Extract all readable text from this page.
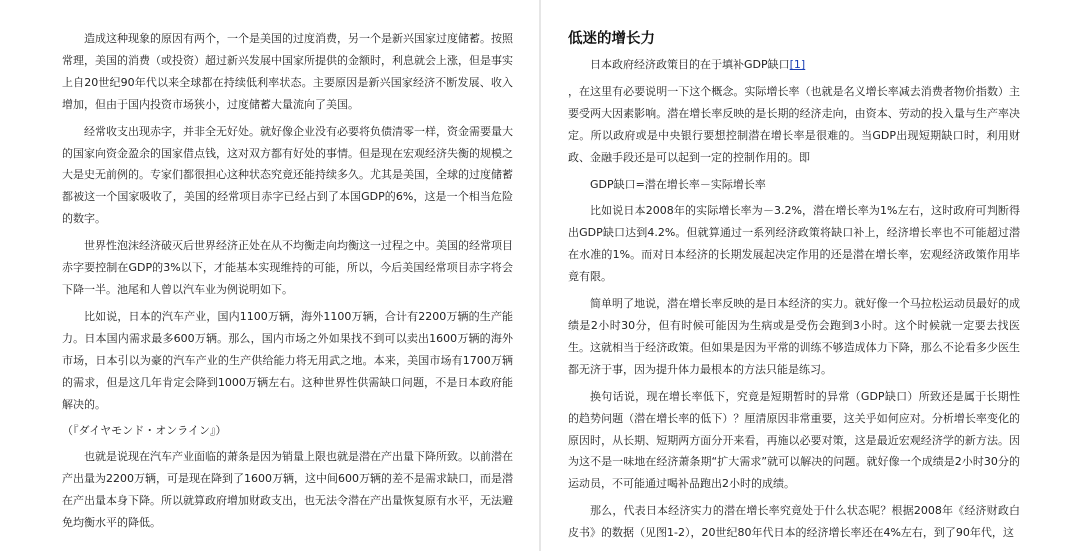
造成这种现象的原因有两个，一个是美国的过度消费，另一个是新兴国家过度储蓄。按照常理，美国的消费（或投资）超过新兴发展中国家所提供的金额时，利息就会上涨，但是事实上自20世纪90年代以来全球都在持续低利率状态。主要原因是新兴国家经济不断发展、收入增加，但由于国内投资市场狭小，过度储蓄大量流向了美国。

经常收支出现赤字，并非全无好处。就好像企业没有必要将负债清零一样，资金需要量大的国家向资金盈余的国家借点钱，这对双方都有好处的事情。但是现在宏观经济失衡的规模之大是史无前例的。专家们都很担心这种状态究竟还能持续多久。尤其是美国，全球的过度储蓄都被这一个国家吸收了，美国的经常项目赤字已经占到了本国GDP的6%，这是一个相当危险的数字。

世界性泡沫经济破灭后世界经济正处在从不均衡走向均衡这一过程之中。美国的经常项目赤字要控制在GDP的3%以下，才能基本实现维持的可能，所以，今后美国经常项目赤字将会下降一半。池尾和人曾以汽车业为例说明如下。

比如说，日本的汽车产业，国内1100万辆，海外1100万辆，合计有2200万辆的生产能力。日本国内需求最多600万辆。那么，国内市场之外如果找不到可以卖出1600万辆的海外市场，日本引以为豪的汽车产业的生产供给能力将无用武之地。本来，美国市场有1700万辆的需求，但是这几年肯定会降到1000万辆左右。这种世界性供需缺口问题，不是日本政府能解决的。

（『ダイヤモンド・オンライン』）

也就是说现在汽车产业面临的萧条是因为销量上限也就是潜在产出量下降所致。以前潜在产出量为2200万辆，可是现在降到了1600万辆，这中间600万辆的差不是需求缺口，而是潜在产出量本身下降。所以就算政府增加财政支出，也无法令潜在产出量恢复原有水平，无法避免均衡水平的降低。

低迷的增长力

日本政府经济政策目的在于填补GDP缺口[1]

，在这里有必要说明一下这个概念。实际增长率（也就是名义增长率减去消费者物价指数）主要受两大因素影响。潜在增长率反映的是长期的经济走向，由资本、劳动的投入量与生产率决定。所以政府或是中央银行要想控制潜在增长率是很难的。当GDP出现短期缺口时，利用财政、金融手段还是可以起到一定的控制作用的。即

GDP缺口=潜在增长率－实际增长率

比如说日本2008年的实际增长率为－3.2%，潜在增长率为1%左右，这时政府可判断得出GDP缺口达到4.2%。但就算通过一系列经济政策将缺口补上，经济增长率也不可能超过潜在水准的1%。而对日本经济的长期发展起决定作用的还是潜在增长率，宏观经济政策作用毕竟有限。

简单明了地说，潜在增长率反映的是日本经济的实力。就好像一个马拉松运动员最好的成绩是2小时30分，但有时候可能因为生病或是受伤会跑到3小时。这个时候就一定要去找医生。这就相当于经济政策。但如果是因为平常的训练不够造成体力下降，那么不论看多少医生都无济于事，因为提升体力最根本的方法只能是练习。

换句话说，现在增长率低下，究竟是短期暂时的异常（GDP缺口）所致还是属于长期性的趋势问题（潜在增长率的低下）？厘清原因非常重要，这关乎如何应对。分析增长率变化的原因时，从长期、短期两方面分开来看，再施以必要对策，这是最近宏观经济学的新方法。因为这不是一味地在经济萧条期“扩大需求”就可以解决的问题。就好像一个成绩是2小时30分的运动员，不可能通过喝补品跑出2小时的成绩。

那么，代表日本经济实力的潜在增长率究竟处于什么状态呢？根据2008年《经济财政白皮书》的数据（见图1-2），20世纪80年代日本的经济增长率还在4%左右，到了90年代，这
